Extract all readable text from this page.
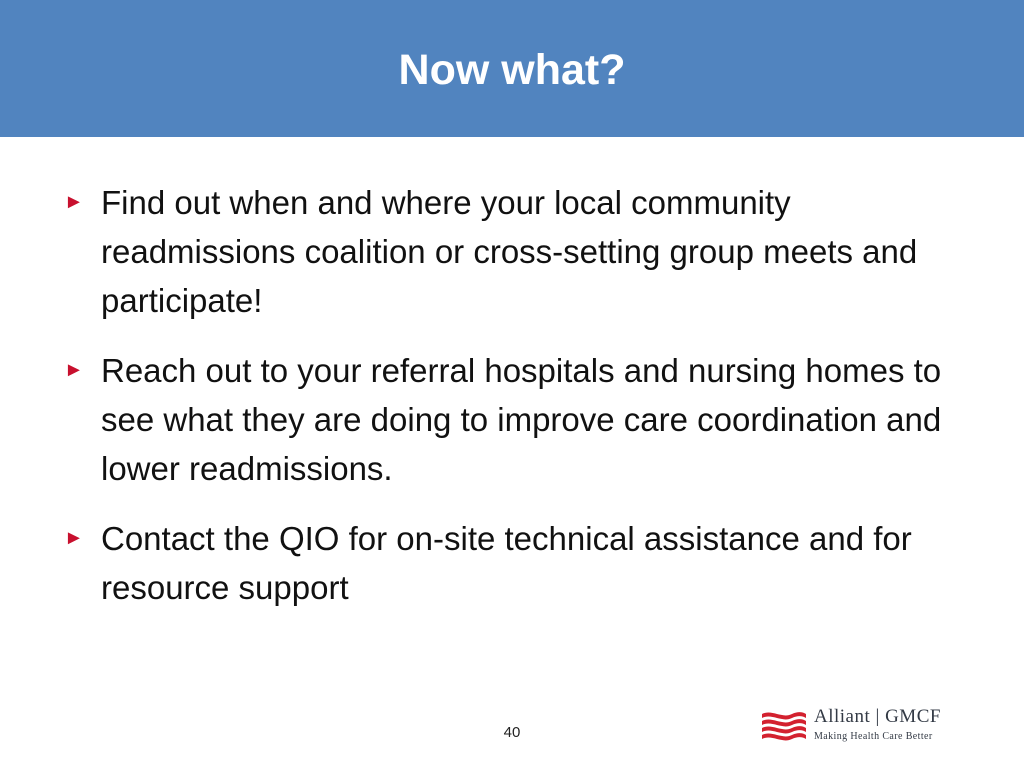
Now what?
► Find out when and where your local community readmissions coalition or cross-setting group meets and participate!
► Reach out to your referral hospitals and nursing homes to see what they are doing to improve care coordination and lower readmissions.
► Contact the QIO for on-site technical assistance and for resource support
40
Alliant | GMCF
Making Health Care Better
